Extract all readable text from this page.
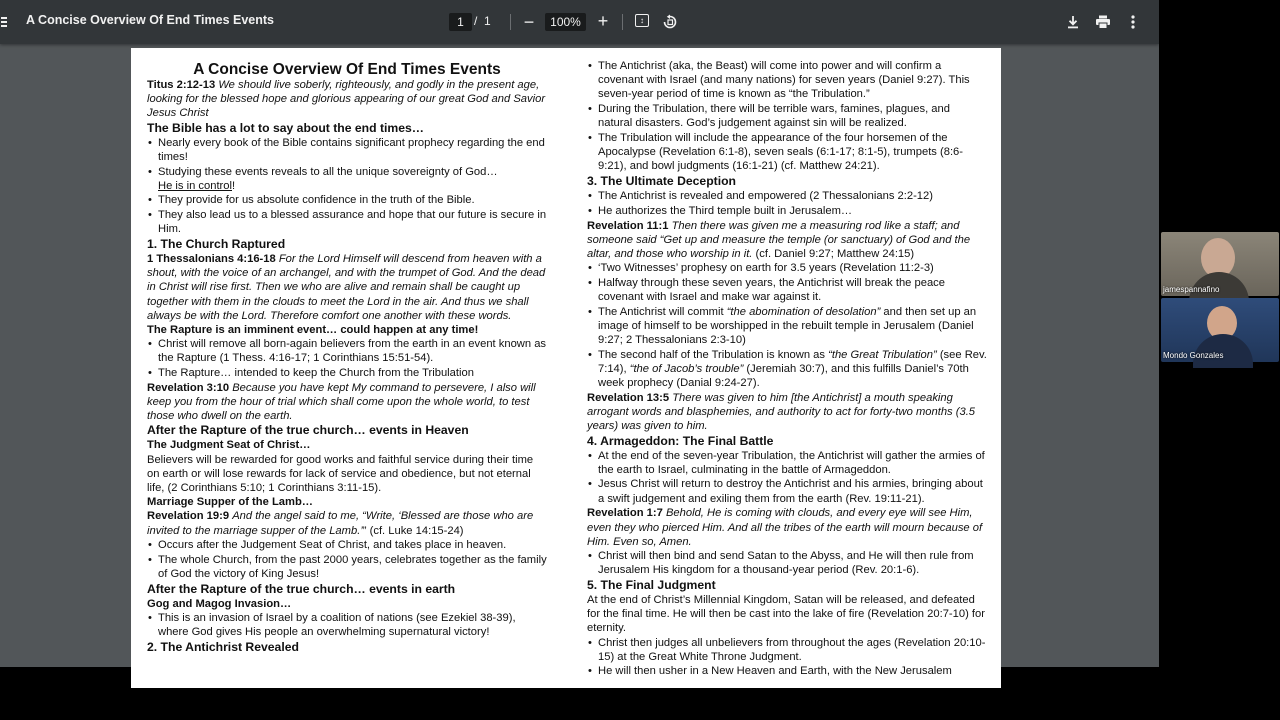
A Concise Overview Of End Times Events	1 / 1 −	100% +	↕
A Concise Overview Of End Times Events

Titus 2:12-13 We should live soberly, righteously, and godly in the present age, looking for the blessed hope and glorious appearing of our great God and Savior Jesus Christ

The Bible has a lot to say about the end times…
• Nearly every book of the Bible contains significant prophecy regarding the end times!
• Studying these events reveals to all the unique sovereignty of God…
He is in control!
• They provide for us absolute confidence in the truth of the Bible.
• They also lead us to a blessed assurance and hope that our future is secure in Him.
1. The Church Raptured

1 Thessalonians 4:16-18 For the Lord Himself will descend from heaven with a shout, with the voice of an archangel, and with the trumpet of God. And the dead in Christ will rise first. Then we who are alive and remain shall be caught up together with them in the clouds to meet the Lord in the air. And thus we shall always be with the Lord. Therefore comfort one another with these words.

The Rapture is an imminent event… could happen at any time!
• Christ will remove all born-again believers from the earth in an event known as the Rapture (1 Thess. 4:16-17; 1 Corinthians 15:51-54).
• The Rapture… intended to keep the Church from the Tribulation

Revelation 3:10 Because you have kept My command to persevere, I also will keep you from the hour of trial which shall come upon the whole world, to test those who dwell on the earth.

After the Rapture of the true church… events in Heaven
The Judgment Seat of Christ…

Believers will be rewarded for good works and faithful service during their time on earth or will lose rewards for lack of service and obedience, but not eternal life, (2 Corinthians 5:10; 1 Corinthians 3:11-15).

Marriage Supper of the Lamb…

Revelation 19:9 And the angel said to me, “Write, ‘Blessed are those who are invited to the marriage supper of the Lamb.’” (cf. Luke 14:15-24)

• Occurs after the Judgement Seat of Christ, and takes place in heaven.
• The whole Church, from the past 2000 years, celebrates together as the family of God the victory of King Jesus!
After the Rapture of the true church… events in earth
Gog and Magog Invasion…
• This is an invasion of Israel by a coalition of nations (see Ezekiel 38-39), where God gives His people an overwhelming supernatural victory!
2. The Antichrist Revealed
• The Antichrist (aka, the Beast) will come into power and will confirm a covenant with Israel (and many nations) for seven years (Daniel 9:27). This seven-year period of time is known as “the Tribulation.”
• During the Tribulation, there will be terrible wars, famines, plagues, and natural disasters. God’s judgement against sin will be realized.
• The Tribulation will include the appearance of the four horsemen of the Apocalypse (Revelation 6:1-8), seven seals (6:1-17; 8:1-5), trumpets (8:6-9:21), and bowl judgments (16:1-21) (cf. Matthew 24:21).
3. The Ultimate Deception
• The Antichrist is revealed and empowered (2 Thessalonians 2:2-12)
• He authorizes the Third temple built in Jerusalem…

Revelation 11:1 Then there was given me a measuring rod like a staff; and someone said “Get up and measure the temple (or sanctuary) of God and the altar, and those who worship in it. (cf. Daniel 9:27; Matthew 24:15)

• ‘Two Witnesses’ prophesy on earth for 3.5 years (Revelation 11:2-3)
• Halfway through these seven years, the Antichrist will break the peace covenant with Israel and make war against it.
• The Antichrist will commit “the abomination of desolation” and then set up an image of himself to be worshipped in the rebuilt temple in Jerusalem (Daniel 9:27; 2 Thessalonians 2:3-10)
• The second half of the Tribulation is known as “the Great Tribulation” (see Rev. 7:14), “the of Jacob’s trouble” (Jeremiah 30:7), and this fulfills Daniel’s 70th week prophecy (Danial 9:24-27).

Revelation 13:5 There was given to him [the Antichrist] a mouth speaking arrogant words and blasphemies, and authority to act for forty-two months (3.5 years) was given to him.

4. Armageddon: The Final Battle
• At the end of the seven-year Tribulation, the Antichrist will gather the armies of the earth to Israel, culminating in the battle of Armageddon.
• Jesus Christ will return to destroy the Antichrist and his armies, bringing about a swift judgement and exiling them from the earth (Rev. 19:11-21).

Revelation 1:7 Behold, He is coming with clouds, and every eye will see Him, even they who pierced Him. And all the tribes of the earth will mourn because of Him. Even so, Amen.

• Christ will then bind and send Satan to the Abyss, and He will then rule from Jerusalem His kingdom for a thousand-year period (Rev. 20:1-6).
5. The Final Judgment

At the end of Christ’s Millennial Kingdom, Satan will be released, and defeated for the final time. He will then be cast into the lake of fire (Revelation 20:7-10) for eternity.

• Christ then judges all unbelievers from throughout the ages (Revelation 20:10-15) at the Great White Throne Judgment.
• He will then usher in a New Heaven and Earth, with the New Jerusalem
jamespannafino
Mondo Gonzales
